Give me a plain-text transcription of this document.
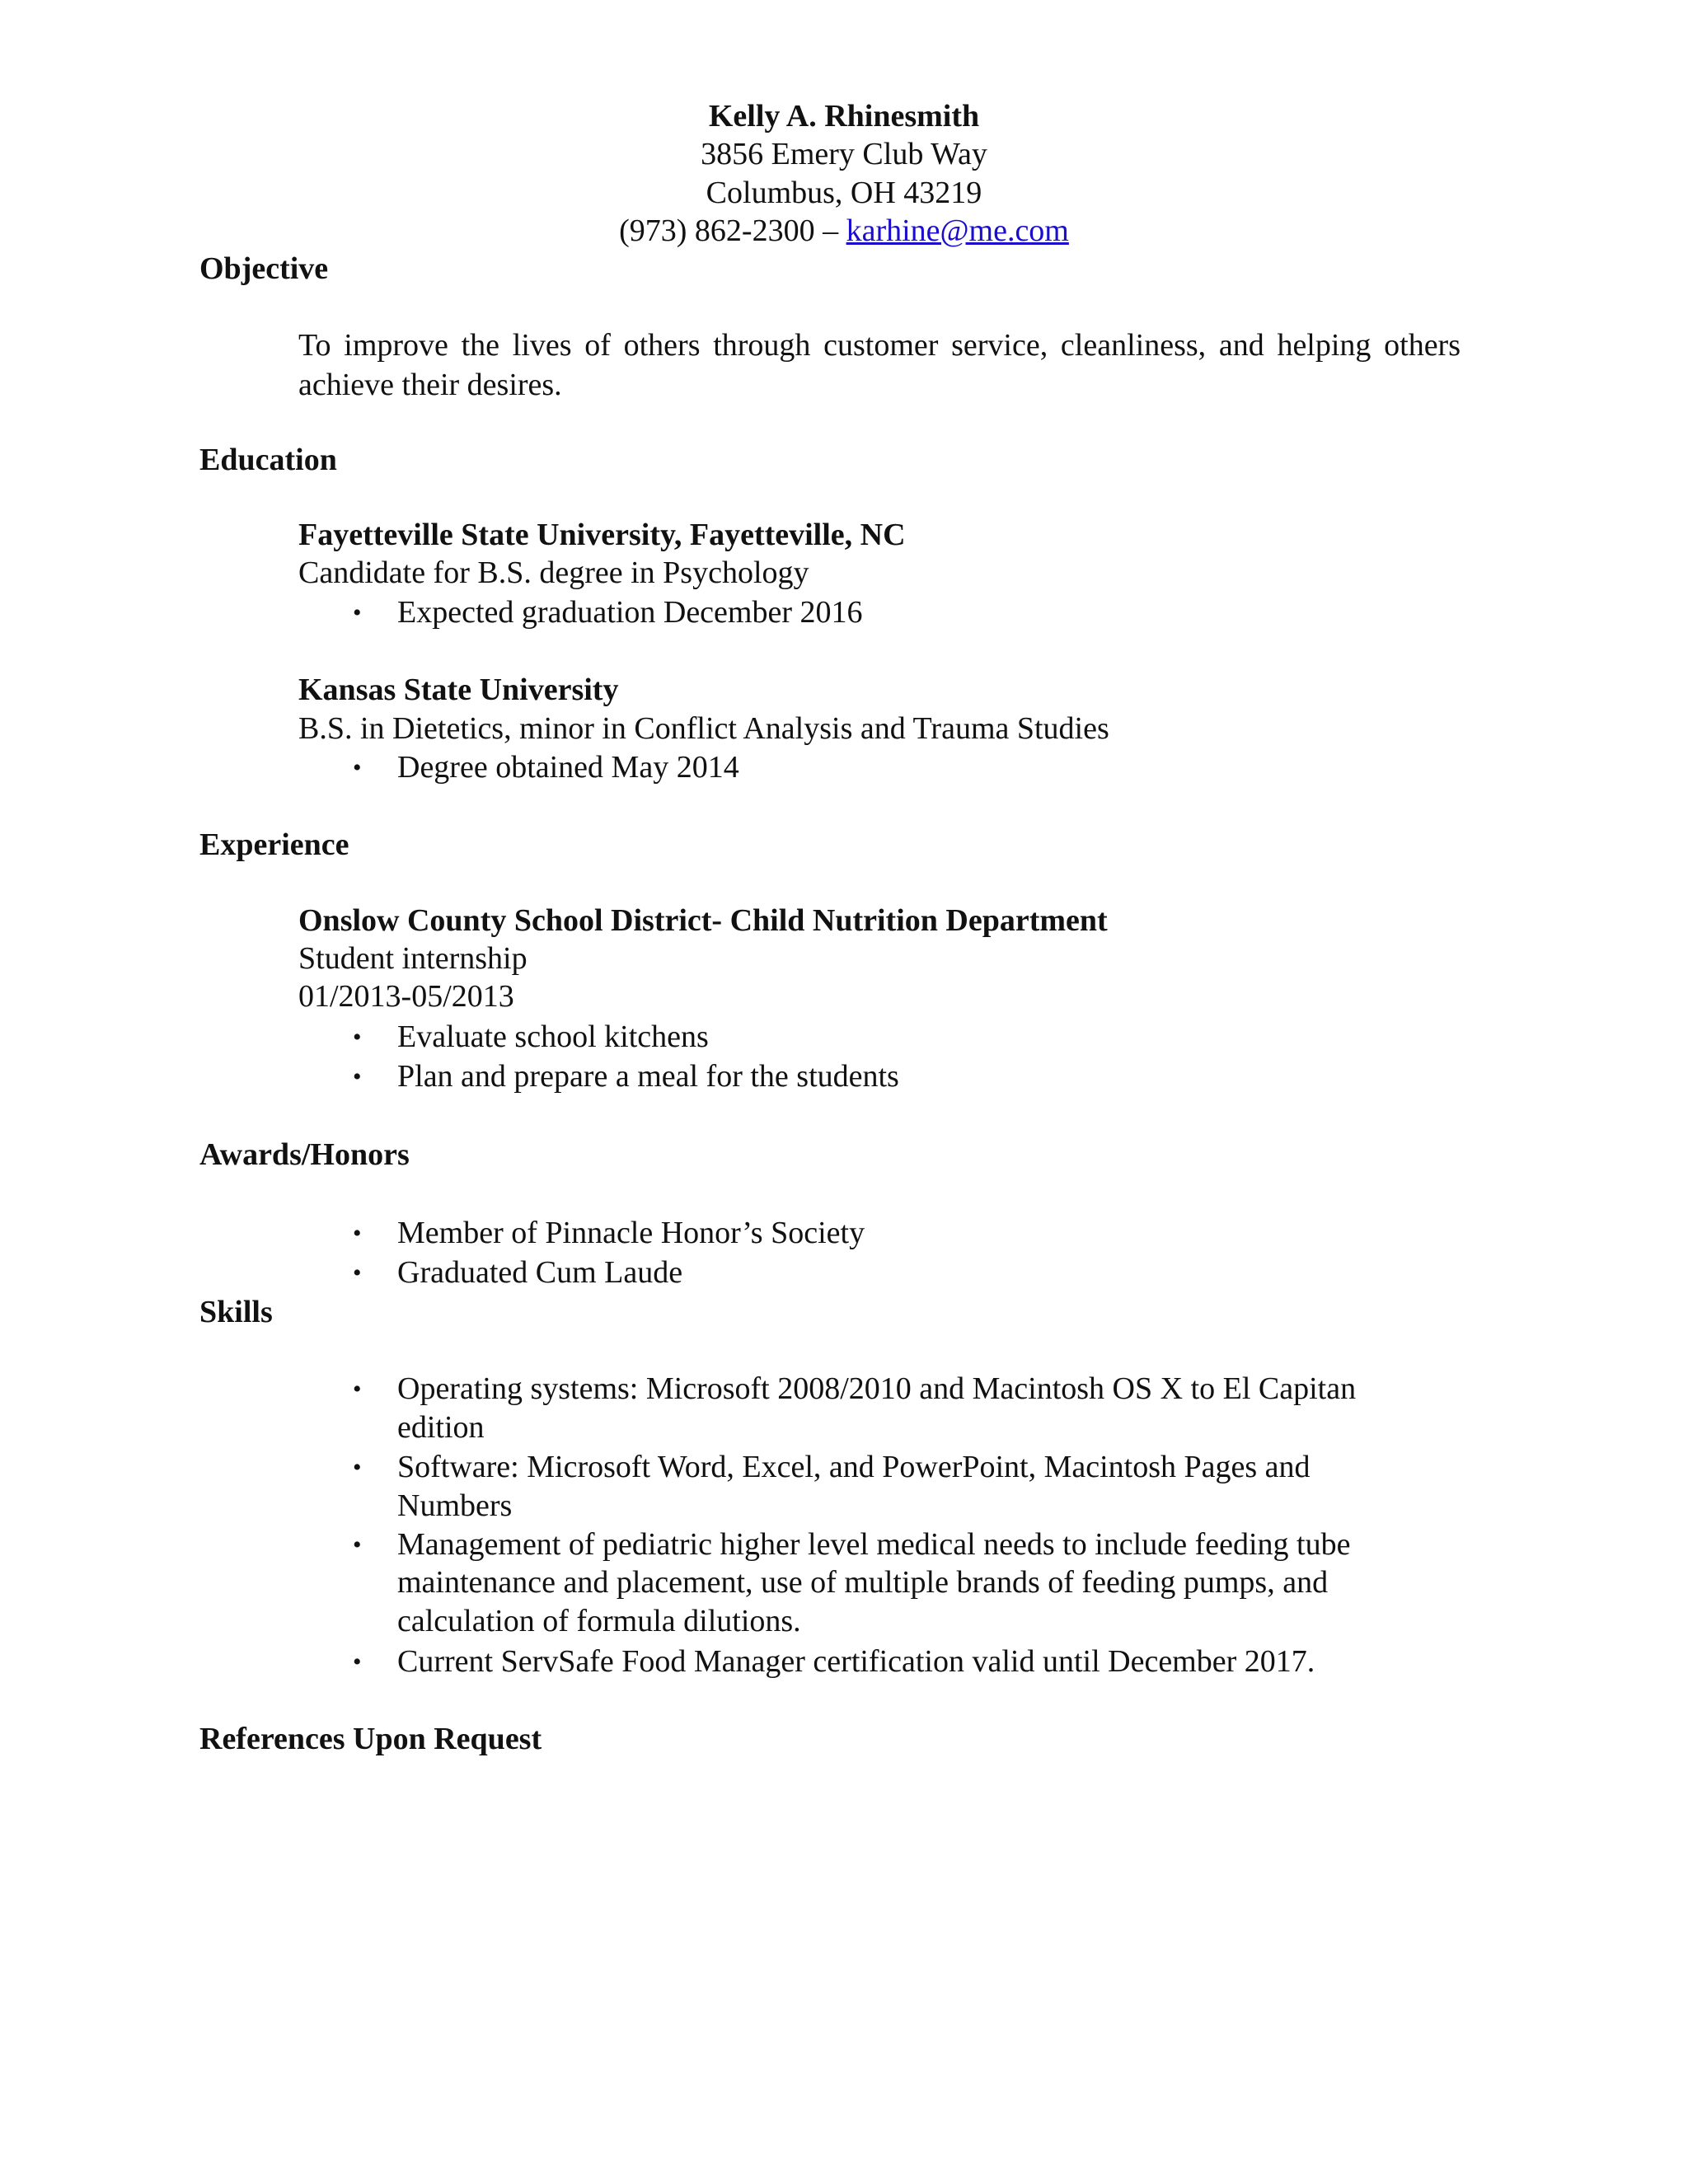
Kelly A. Rhinesmith
3856 Emery Club Way
Columbus, OH 43219
(973) 862-2300 – karhine@me.com
Objective
To improve the lives of others through customer service, cleanliness, and helping others achieve their desires.
Education
Fayetteville State University, Fayetteville, NC
Candidate for B.S. degree in Psychology
• Expected graduation December 2016
Kansas State University
B.S. in Dietetics, minor in Conflict Analysis and Trauma Studies
• Degree obtained May 2014
Experience
Onslow County School District- Child Nutrition Department
Student internship
01/2013-05/2013
• Evaluate school kitchens
• Plan and prepare a meal for the students
Awards/Honors
• Member of Pinnacle Honor’s Society
• Graduated Cum Laude
Skills
• Operating systems: Microsoft 2008/2010 and Macintosh OS X to El Capitan
edition
• Software: Microsoft Word, Excel, and PowerPoint, Macintosh Pages and
Numbers
• Management of pediatric higher level medical needs to include feeding tube
maintenance and placement, use of multiple brands of feeding pumps, and
calculation of formula dilutions.
• Current ServSafe Food Manager certification valid until December 2017.
References Upon Request
